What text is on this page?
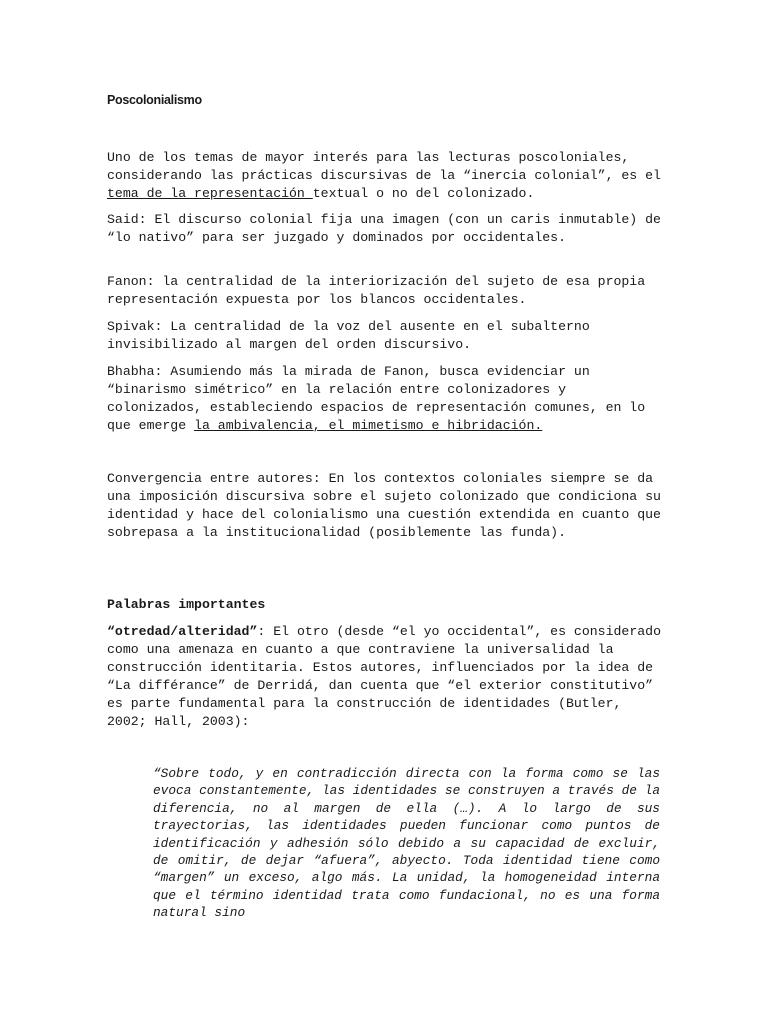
Poscolonialismo

Uno de los temas de mayor interés para las lecturas poscoloniales, considerando las prácticas discursivas de la “inercia colonial”, es el tema de la representación textual o no del colonizado.

Said: El discurso colonial fija una imagen (con un caris inmutable) de “lo nativo” para ser juzgado y dominados por occidentales.

Fanon: la centralidad de la interiorización del sujeto de esa propia representación expuesta por los blancos occidentales.

Spivak: La centralidad de la voz del ausente en el subalterno invisibilizado al margen del orden discursivo.

Bhabha: Asumiendo más la mirada de Fanon, busca evidenciar un “binarismo simétrico” en la relación entre colonizadores y colonizados, estableciendo espacios de representación comunes, en lo que emerge la ambivalencia, el mimetismo e hibridación.

Convergencia entre autores: En los contextos coloniales siempre se da una imposición discursiva sobre el sujeto colonizado que condiciona su identidad y hace del colonialismo una cuestión extendida en cuanto que sobrepasa a la institucionalidad (posiblemente las funda).

Palabras importantes

“otredad/alteridad”: El otro (desde “el yo occidental”, es considerado como una amenaza en cuanto a que contraviene la universalidad la construcción identitaria. Estos autores, influenciados por la idea de “La différance” de Derridá, dan cuenta que “el exterior constitutivo” es parte fundamental para la construcción de identidades (Butler, 2002; Hall, 2003):

“Sobre todo, y en contradicción directa con la forma como se las evoca constantemente, las identidades se construyen a través de la diferencia, no al margen de ella (…). A lo largo de sus trayectorias, las identidades pueden funcionar como puntos de identificación y adhesión sólo debido a su capacidad de excluir, de omitir, de dejar “afuera”, abyecto. Toda identidad tiene como “margen” un exceso, algo más. La unidad, la homogeneidad interna que el término identidad trata como fundacional, no es una forma natural sino
